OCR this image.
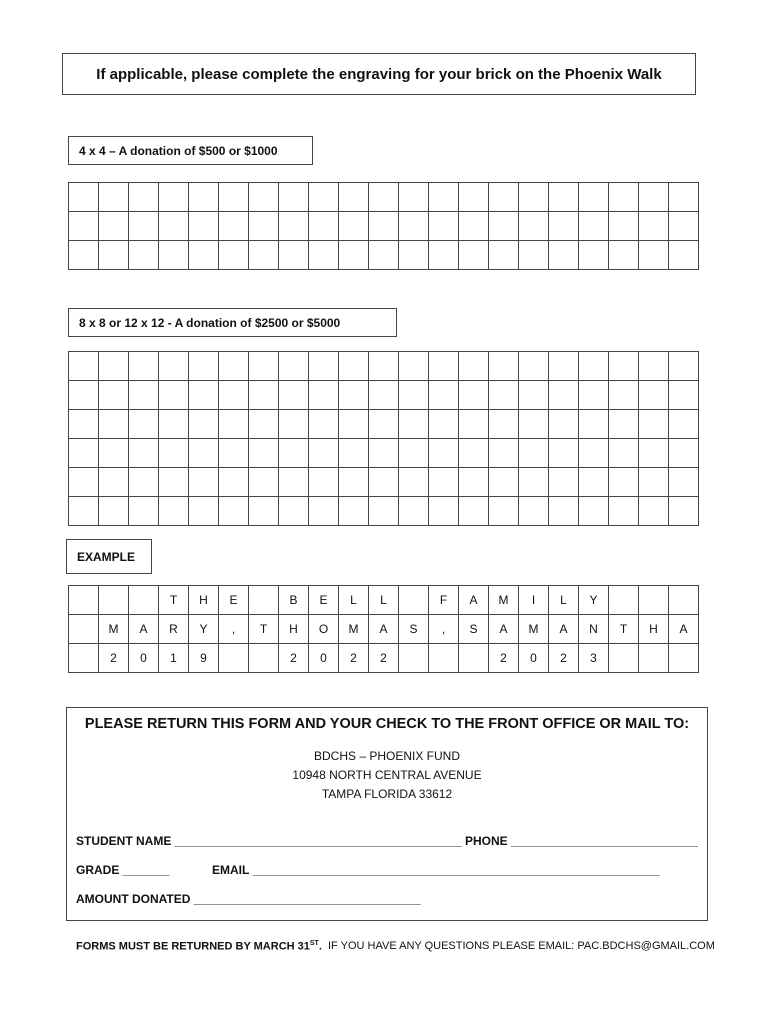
If applicable, please complete the engraving for your brick on the Phoenix Walk
4 x 4 – A donation of $500 or $1000

8 x 8 or 12 x 12 - A donation of $2500 or $5000

EXAMPLE
			T	H	E		B	E	L	L		F	A	M	I	L	Y			
	M	A	R	Y	,	T	H	O	M	A	S	,	S	A	M	A	N	T	H	A
	2	0	1	9			2	0	2	2				2	0	2	3			
PLEASE RETURN THIS FORM AND YOUR CHECK TO THE FRONT OFFICE OR MAIL TO:
BDCHS – PHOENIX FUND
10948 NORTH CENTRAL AVENUE
TAMPA FLORIDA 33612
STUDENT NAME ___________________________________________ PHONE ____________________________
GRADE _______	EMAIL _____________________________________________________________
AMOUNT DONATED __________________________________
FORMS MUST BE RETURNED BY MARCH 31ST. IF YOU HAVE ANY QUESTIONS PLEASE EMAIL: PAC.BDCHS@GMAIL.COM
